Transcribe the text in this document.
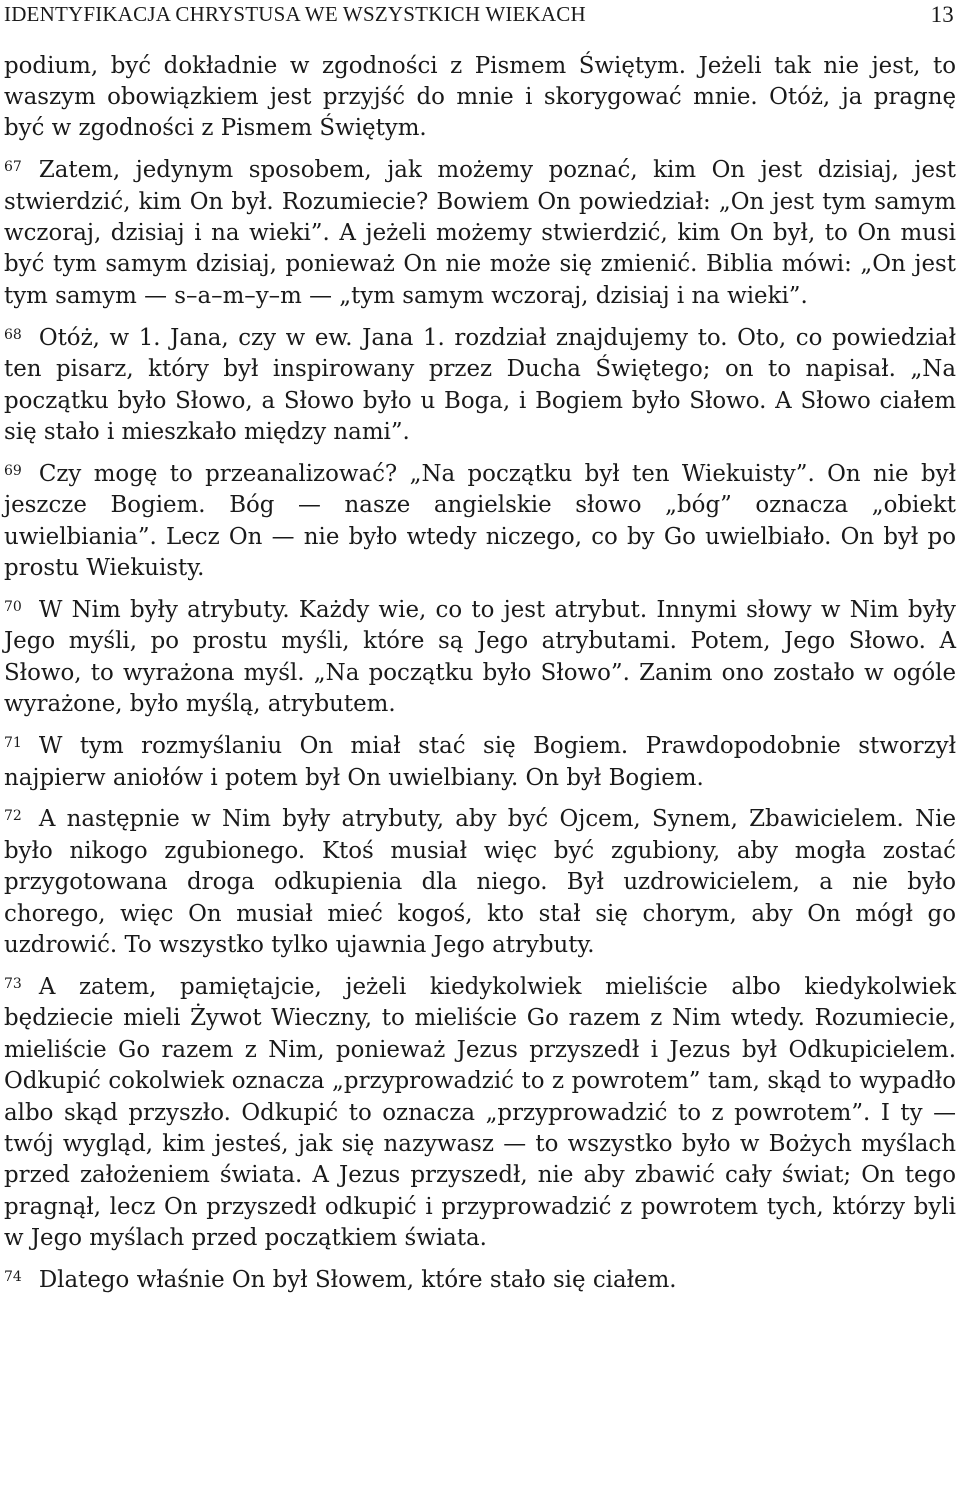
IDENTYFIKACJA CHRYSTUSA WE WSZYSTKICH WIEKACH	13

podium, być dokładnie w zgodności z Pismem Świętym. Jeżeli tak nie jest, to waszym obowiązkiem jest przyjść do mnie i skorygować mnie. Otóż, ja pragnę być w zgodności z Pismem Świętym.

67 Zatem, jedynym sposobem, jak możemy poznać, kim On jest dzisiaj, jest stwierdzić, kim On był. Rozumiecie? Bowiem On powiedział: „On jest tym samym wczoraj, dzisiaj i na wieki”. A jeżeli możemy stwierdzić, kim On był, to On musi być tym samym dzisiaj, ponieważ On nie może się zmienić. Biblia mówi: „On jest tym samym — s–a–m–y–m — „tym samym wczoraj, dzisiaj i na wieki”.

68 Otóż, w 1. Jana, czy w ew. Jana 1. rozdział znajdujemy to. Oto, co powiedział ten pisarz, który był inspirowany przez Ducha Świętego; on to napisał. „Na początku było Słowo, a Słowo było u Boga, i Bogiem było Słowo. A Słowo ciałem się stało i mieszkało między nami”.

69 Czy mogę to przeanalizować? „Na początku był ten Wiekuisty”. On nie był jeszcze Bogiem. Bóg — nasze angielskie słowo „bóg” oznacza „obiekt uwielbiania”. Lecz On — nie było wtedy niczego, co by Go uwielbiało. On był po prostu Wiekuisty.

70 W Nim były atrybuty. Każdy wie, co to jest atrybut. Innymi słowy w Nim były Jego myśli, po prostu myśli, które są Jego atrybutami. Potem, Jego Słowo. A Słowo, to wyrażona myśl. „Na początku było Słowo”. Zanim ono zostało w ogóle wyrażone, było myślą, atrybutem.

71 W tym rozmyślaniu On miał stać się Bogiem. Prawdopodobnie stworzył najpierw aniołów i potem był On uwielbiany. On był Bogiem.

72 A następnie w Nim były atrybuty, aby być Ojcem, Synem, Zbawicielem. Nie było nikogo zgubionego. Ktoś musiał więc być zgubiony, aby mogła zostać przygotowana droga odkupienia dla niego. Był uzdrowicielem, a nie było chorego, więc On musiał mieć kogoś, kto stał się chorym, aby On mógł go uzdrowić. To wszystko tylko ujawnia Jego atrybuty.

73 A zatem, pamiętajcie, jeżeli kiedykolwiek mieliście albo kiedykolwiek będziecie mieli Żywot Wieczny, to mieliście Go razem z Nim wtedy. Rozumiecie, mieliście Go razem z Nim, ponieważ Jezus przyszedł i Jezus był Odkupicielem. Odkupić cokolwiek oznacza „przyprowadzić to z powrotem” tam, skąd to wypadło albo skąd przyszło. Odkupić to oznacza „przyprowadzić to z powrotem”. I ty — twój wygląd, kim jesteś, jak się nazywasz — to wszystko było w Bożych myślach przed założeniem świata. A Jezus przyszedł, nie aby zbawić cały świat; On tego pragnął, lecz On przyszedł odkupić i przyprowadzić z powrotem tych, którzy byli w Jego myślach przed początkiem świata.

74 Dlatego właśnie On był Słowem, które stało się ciałem.
